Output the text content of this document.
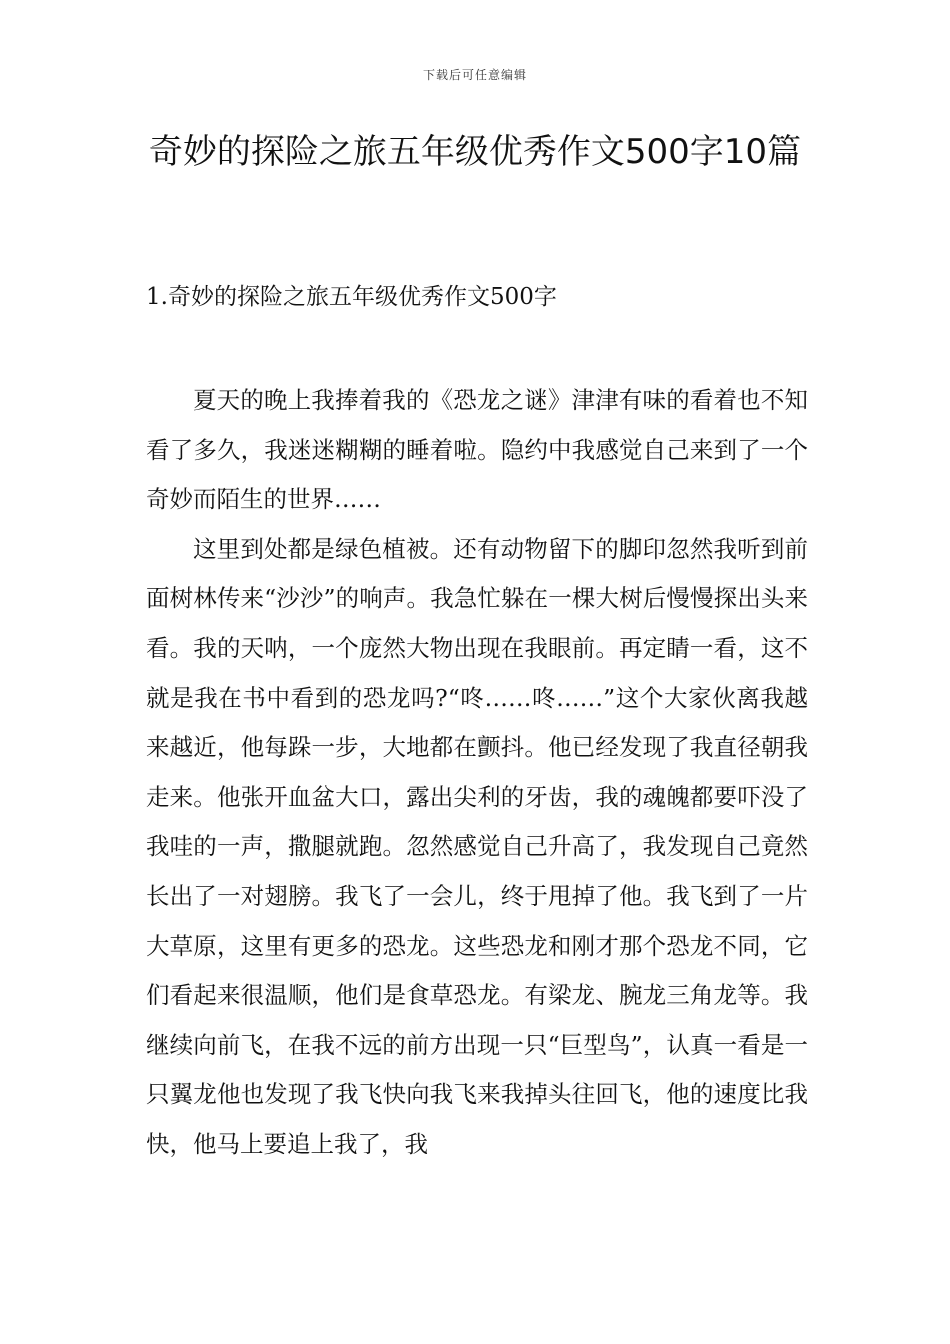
下载后可任意编辑
奇妙的探险之旅五年级优秀作文500字10篇
1.奇妙的探险之旅五年级优秀作文500字

夏天的晚上我捧着我的《恐龙之谜》津津有味的看着也不知看了多久，我迷迷糊糊的睡着啦。隐约中我感觉自己来到了一个奇妙而陌生的世界……

这里到处都是绿色植被。还有动物留下的脚印忽然我听到前面树林传来“沙沙”的响声。我急忙躲在一棵大树后慢慢探出头来看。我的天呐，一个庞然大物出现在我眼前。再定睛一看，这不就是我在书中看到的恐龙吗?“咚……咚……”这个大家伙离我越来越近，他每跺一步，大地都在颤抖。他已经发现了我直径朝我走来。他张开血盆大口，露出尖利的牙齿，我的魂魄都要吓没了我哇的一声，撒腿就跑。忽然感觉自己升高了，我发现自己竟然长出了一对翅膀。我飞了一会儿，终于甩掉了他。我飞到了一片大草原，这里有更多的恐龙。这些恐龙和刚才那个恐龙不同，它们看起来很温顺，他们是食草恐龙。有梁龙、腕龙三角龙等。我继续向前飞，在我不远的前方出现一只“巨型鸟”，认真一看是一只翼龙他也发现了我飞快向我飞来我掉头往回飞，他的速度比我快，他马上要追上我了，我
